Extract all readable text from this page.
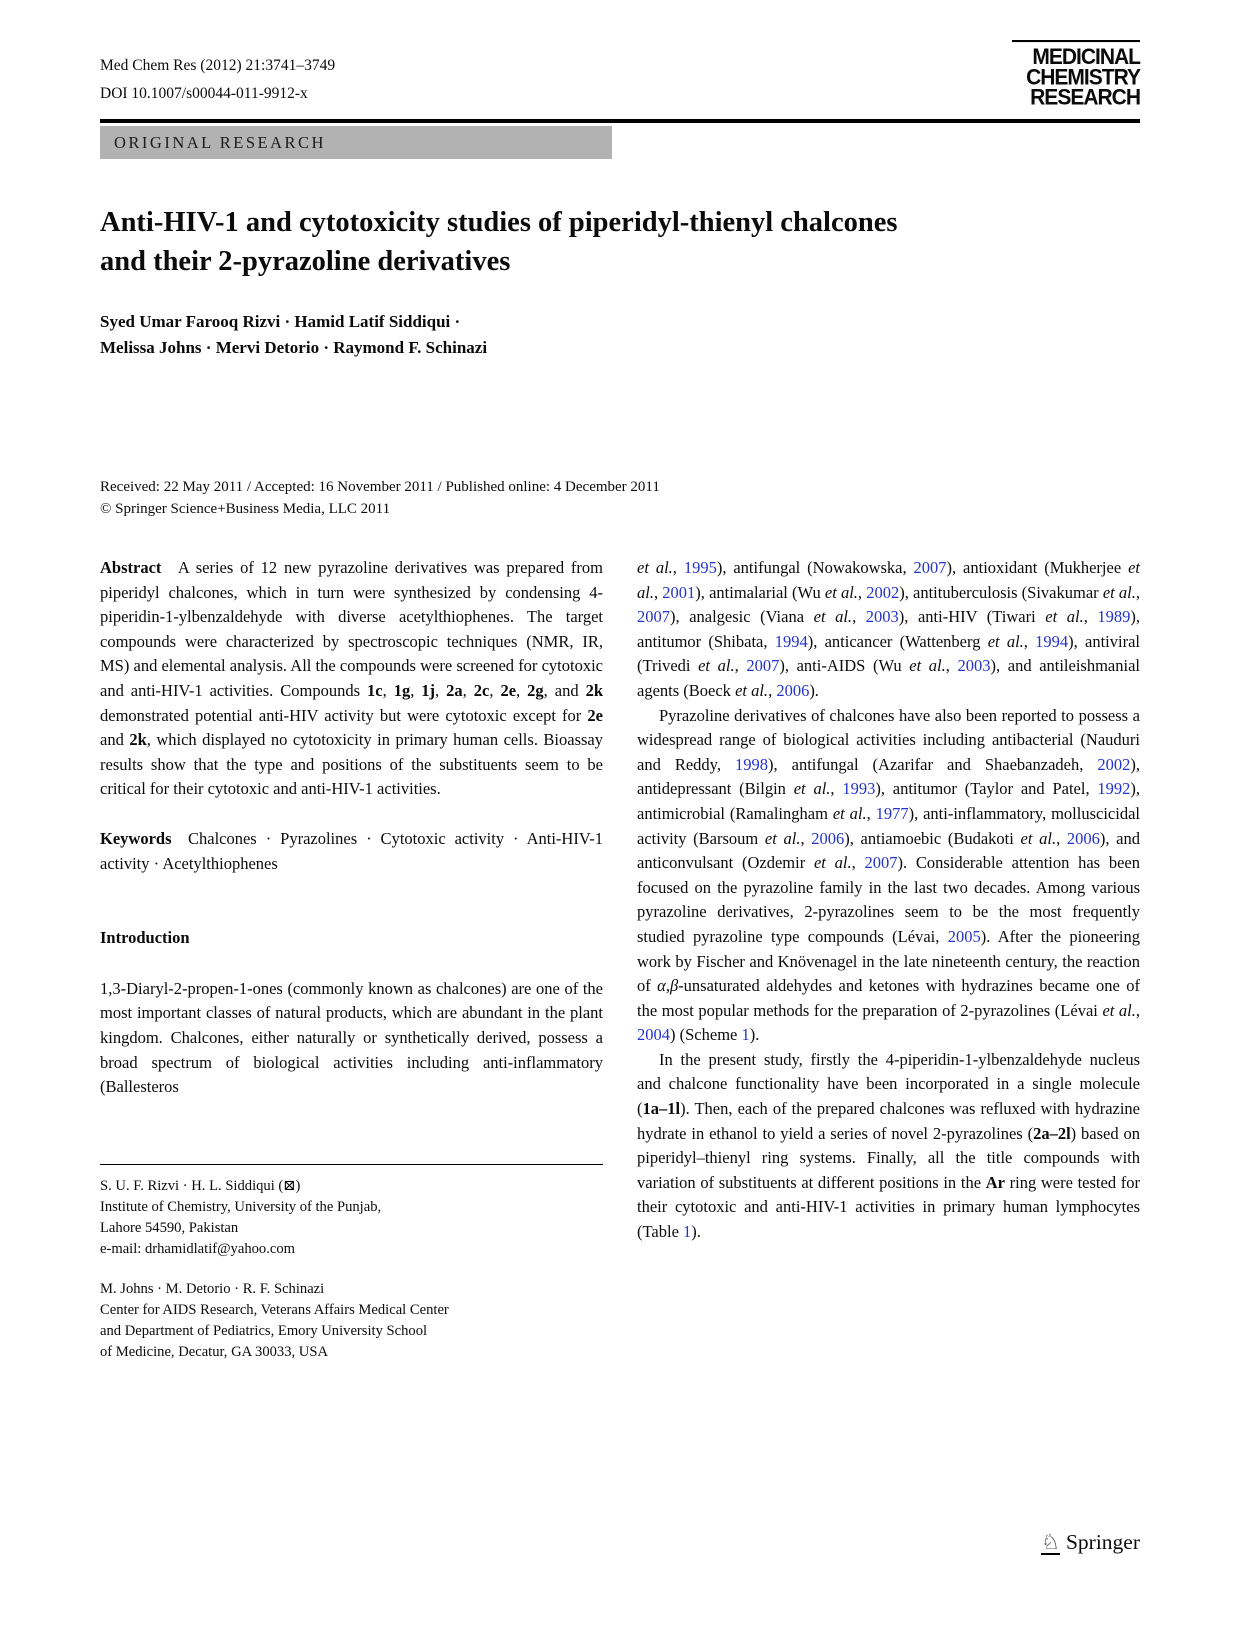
Med Chem Res (2012) 21:3741–3749
DOI 10.1007/s00044-011-9912-x
MEDICINAL
CHEMISTRY
RESEARCH
ORIGINAL RESEARCH
Anti-HIV-1 and cytotoxicity studies of piperidyl-thienyl chalcones
and their 2-pyrazoline derivatives
Syed Umar Farooq Rizvi · Hamid Latif Siddiqui ·
Melissa Johns · Mervi Detorio · Raymond F. Schinazi
Received: 22 May 2011 / Accepted: 16 November 2011 / Published online: 4 December 2011
© Springer Science+Business Media, LLC 2011

Abstract A series of 12 new pyrazoline derivatives was prepared from piperidyl chalcones, which in turn were synthesized by condensing 4-piperidin-1-ylbenzaldehyde with diverse acetylthiophenes. The target compounds were characterized by spectroscopic techniques (NMR, IR, MS) and elemental analysis. All the compounds were screened for cytotoxic and anti-HIV-1 activities. Compounds 1c, 1g, 1j, 2a, 2c, 2e, 2g, and 2k demonstrated potential anti-HIV activity but were cytotoxic except for 2e and 2k, which displayed no cytotoxicity in primary human cells. Bioassay results show that the type and positions of the substituents seem to be critical for their cytotoxic and anti-HIV-1 activities.

Keywords Chalcones · Pyrazolines · Cytotoxic activity · Anti-HIV-1 activity · Acetylthiophenes

Introduction

1,3-Diaryl-2-propen-1-ones (commonly known as chalcones) are one of the most important classes of natural products, which are abundant in the plant kingdom. Chalcones, either naturally or synthetically derived, possess a broad spectrum of biological activities including anti-inflammatory (Ballesteros

S. U. F. Rizvi · H. L. Siddiqui (⊠)
Institute of Chemistry, University of the Punjab,
Lahore 54590, Pakistan
e-mail: drhamidlatif@yahoo.com
M. Johns · M. Detorio · R. F. Schinazi
Center for AIDS Research, Veterans Affairs Medical Center
and Department of Pediatrics, Emory University School
of Medicine, Decatur, GA 30033, USA

et al., 1995), antifungal (Nowakowska, 2007), antioxidant (Mukherjee et al., 2001), antimalarial (Wu et al., 2002), antituberculosis (Sivakumar et al., 2007), analgesic (Viana et al., 2003), anti-HIV (Tiwari et al., 1989), antitumor (Shibata, 1994), anticancer (Wattenberg et al., 1994), antiviral (Trivedi et al., 2007), anti-AIDS (Wu et al., 2003), and antileishmanial agents (Boeck et al., 2006).

Pyrazoline derivatives of chalcones have also been reported to possess a widespread range of biological activities including antibacterial (Nauduri and Reddy, 1998), antifungal (Azarifar and Shaebanzadeh, 2002), antidepressant (Bilgin et al., 1993), antitumor (Taylor and Patel, 1992), antimicrobial (Ramalingham et al., 1977), anti-inflammatory, molluscicidal activity (Barsoum et al., 2006), antiamoebic (Budakoti et al., 2006), and anticonvulsant (Ozdemir et al., 2007). Considerable attention has been focused on the pyrazoline family in the last two decades. Among various pyrazoline derivatives, 2-pyrazolines seem to be the most frequently studied pyrazoline type compounds (Lévai, 2005). After the pioneering work by Fischer and Knövenagel in the late nineteenth century, the reaction of α,β-unsaturated aldehydes and ketones with hydrazines became one of the most popular methods for the preparation of 2-pyrazolines (Lévai et al., 2004) (Scheme 1).

In the present study, firstly the 4-piperidin-1-ylbenzaldehyde nucleus and chalcone functionality have been incorporated in a single molecule (1a–1l). Then, each of the prepared chalcones was refluxed with hydrazine hydrate in ethanol to yield a series of novel 2-pyrazolines (2a–2l) based on piperidyl–thienyl ring systems. Finally, all the title compounds with variation of substituents at different positions in the Ar ring were tested for their cytotoxic and anti-HIV-1 activities in primary human lymphocytes (Table 1).

♘ Springer
